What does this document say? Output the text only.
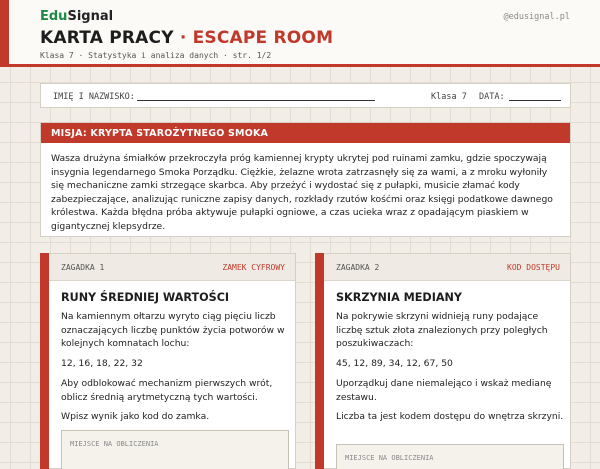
EduSignal	@edusignal.pl
KARTA PRACY · ESCAPE ROOM
Klasa 7 · Statystyka i analiza danych · str. 1/2
IMIĘ I NAZWISKO:	Klasa 7 DATA:
MISJA: KRYPTA STAROŻYTNEGO SMOKA
Wasza drużyna śmiałków przekroczyła próg kamiennej krypty ukrytej pod ruinami zamku, gdzie spoczywają insygnia legendarnego Smoka Porządku. Ciężkie, żelazne wrota zatrzasnęły się za wami, a z mroku wyłoniły się mechaniczne zamki strzegące skarbca. Aby przeżyć i wydostać się z pułapki, musicie złamać kody zabezpieczające, analizując runiczne zapisy danych, rozkłady rzutów kośćmi oraz księgi podatkowe dawnego królestwa. Każda błędna próba aktywuje pułapki ogniowe, a czas ucieka wraz z opadającym piaskiem w gigantycznej klepsydrze.
ZAGADKA 1	ZAMEK CYFROWY
RUNY ŚREDNIEJ WARTOŚCI

Na kamiennym ołtarzu wyryto ciąg pięciu liczb oznaczających liczbę punktów życia potworów w kolejnych komnatach lochu:

12, 16, 18, 22, 32

Aby odblokować mechanizm pierwszych wrót, oblicz średnią arytmetyczną tych wartości.

Wpisz wynik jako kod do zamka.

MIEJSCE NA OBLICZENIA
ZAGADKA 2	KOD DOSTĘPU
SKRZYNIA MEDIANY

Na pokrywie skrzyni widnieją runy podające liczbę sztuk złota znalezionych przy poległych poszukiwaczach:

45, 12, 89, 34, 12, 67, 50

Uporządkuj dane niemalejąco i wskaż medianę zestawu.

Liczba ta jest kodem dostępu do wnętrza skrzyni.

MIEJSCE NA OBLICZENIA
